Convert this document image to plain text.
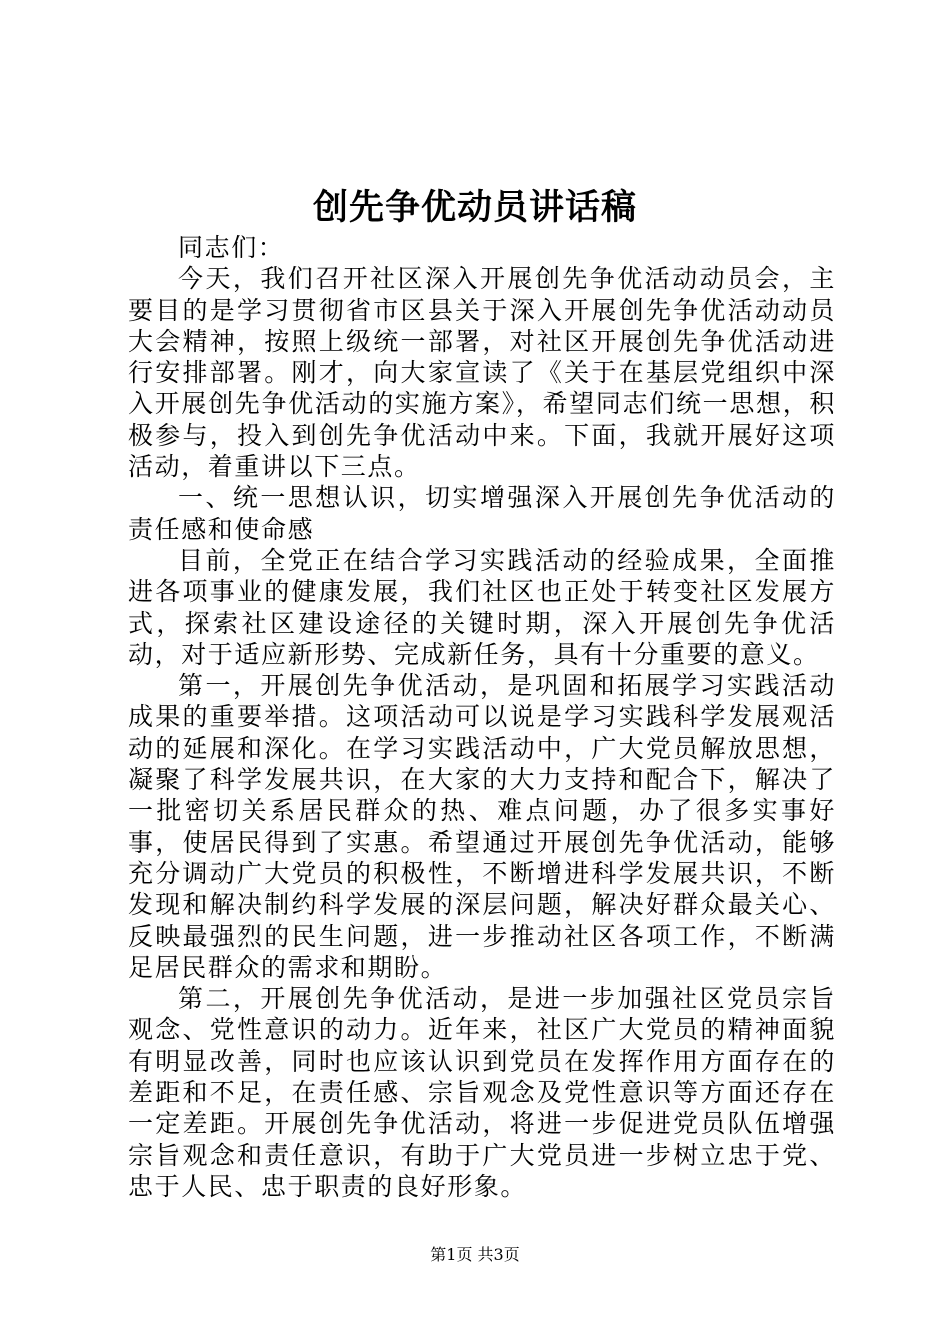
创先争优动员讲话稿

同志们：

今天，我们召开社区深入开展创先争优活动动员会，主要目的是学习贯彻省市区县关于深入开展创先争优活动动员大会精神，按照上级统一部署，对社区开展创先争优活动进行安排部署。刚才，向大家宣读了《关于在基层党组织中深入开展创先争优活动的实施方案》，希望同志们统一思想，积极参与，投入到创先争优活动中来。下面，我就开展好这项活动，着重讲以下三点。

一、统一思想认识，切实增强深入开展创先争优活动的责任感和使命感

目前，全党正在结合学习实践活动的经验成果，全面推进各项事业的健康发展，我们社区也正处于转变社区发展方式，探索社区建设途径的关键时期，深入开展创先争优活动，对于适应新形势、完成新任务，具有十分重要的意义。

第一，开展创先争优活动，是巩固和拓展学习实践活动成果的重要举措。这项活动可以说是学习实践科学发展观活动的延展和深化。在学习实践活动中，广大党员解放思想，凝聚了科学发展共识，在大家的大力支持和配合下，解决了一批密切关系居民群众的热、难点问题，办了很多实事好事，使居民得到了实惠。希望通过开展创先争优活动，能够充分调动广大党员的积极性，不断增进科学发展共识，不断发现和解决制约科学发展的深层问题，解决好群众最关心、反映最强烈的民生问题，进一步推动社区各项工作，不断满足居民群众的需求和期盼。

第二，开展创先争优活动，是进一步加强社区党员宗旨观念、党性意识的动力。近年来，社区广大党员的精神面貌有明显改善，同时也应该认识到党员在发挥作用方面存在的差距和不足，在责任感、宗旨观念及党性意识等方面还存在一定差距。开展创先争优活动，将进一步促进党员队伍增强宗旨观念和责任意识，有助于广大党员进一步树立忠于党、忠于人民、忠于职责的良好形象。

第1页 共3页
